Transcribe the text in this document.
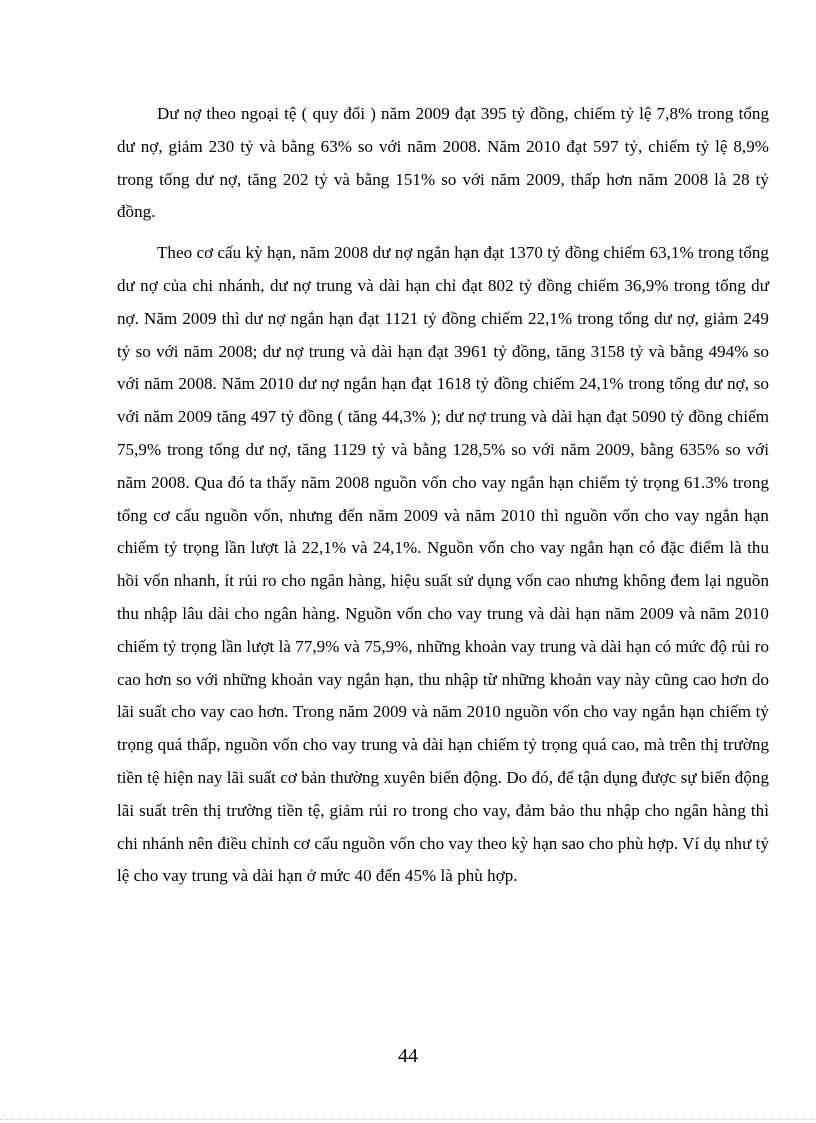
Dư nợ theo ngoại tệ ( quy đổi ) năm 2009 đạt 395 tỷ đồng, chiếm tỷ lệ 7,8% trong tổng dư nợ, giảm 230 tỷ và bằng 63% so với năm 2008. Năm 2010 đạt 597 tỷ, chiếm tỷ lệ 8,9% trong tổng dư nợ, tăng 202 tỷ và bằng 151% so với năm 2009, thấp hơn năm 2008 là 28 tỷ đồng.

Theo cơ cấu kỳ hạn, năm 2008 dư nợ ngắn hạn đạt 1370 tỷ đồng chiếm 63,1% trong tổng dư nợ của chi nhánh, dư nợ trung và dài hạn chỉ đạt 802 tỷ đồng chiếm 36,9% trong tổng dư nợ. Năm 2009 thì dư nợ ngắn hạn đạt 1121 tỷ đồng chiếm 22,1% trong tổng dư nợ, giảm 249 tỷ so với năm 2008; dư nợ trung và dài hạn đạt 3961 tỷ đồng, tăng 3158 tỷ và bằng 494% so với năm 2008. Năm 2010 dư nợ ngắn hạn đạt 1618 tỷ đồng chiếm 24,1% trong tổng dư nợ, so với năm 2009 tăng 497 tỷ đồng ( tăng 44,3% ); dư nợ trung và dài hạn đạt 5090 tỷ đồng chiếm 75,9% trong tổng dư nợ, tăng 1129 tỷ và bằng 128,5% so với năm 2009, bằng 635% so với năm 2008. Qua đó ta thấy năm 2008 nguồn vốn cho vay ngắn hạn chiếm tỷ trọng 61.3% trong tổng cơ cấu nguồn vốn, nhưng đến năm 2009 và năm 2010 thì nguồn vốn cho vay ngắn hạn chiếm tỷ trọng lần lượt là 22,1% và 24,1%. Nguồn vốn cho vay ngắn hạn có đặc điểm là thu hồi vốn nhanh, ít rủi ro cho ngân hàng, hiệu suất sử dụng vốn cao nhưng không đem lại nguồn thu nhập lâu dài cho ngân hàng. Nguồn vốn cho vay trung và dài hạn năm 2009 và năm 2010 chiếm tỷ trọng lần lượt là 77,9% và 75,9%, những khoản vay trung và dài hạn có mức độ rủi ro cao hơn so với những khoản vay ngắn hạn, thu nhập từ những khoản vay này cũng cao hơn do lãi suất cho vay cao hơn. Trong năm 2009 và năm 2010 nguồn vốn cho vay ngắn hạn chiếm tỷ trọng quá thấp, nguồn vốn cho vay trung và dài hạn chiếm tỷ trọng quá cao, mà trên thị trường tiền tệ hiện nay lãi suất cơ bản thường xuyên biến động. Do đó, để tận dụng được sự biến động lãi suất trên thị trường tiền tệ, giảm rủi ro trong cho vay, đảm bảo thu nhập cho ngân hàng thì chi nhánh nên điều chỉnh cơ cấu nguồn vốn cho vay theo kỳ hạn sao cho phù hợp. Ví dụ như tỷ lệ cho vay trung và dài hạn ở mức 40 đến 45% là phù hợp.

44
